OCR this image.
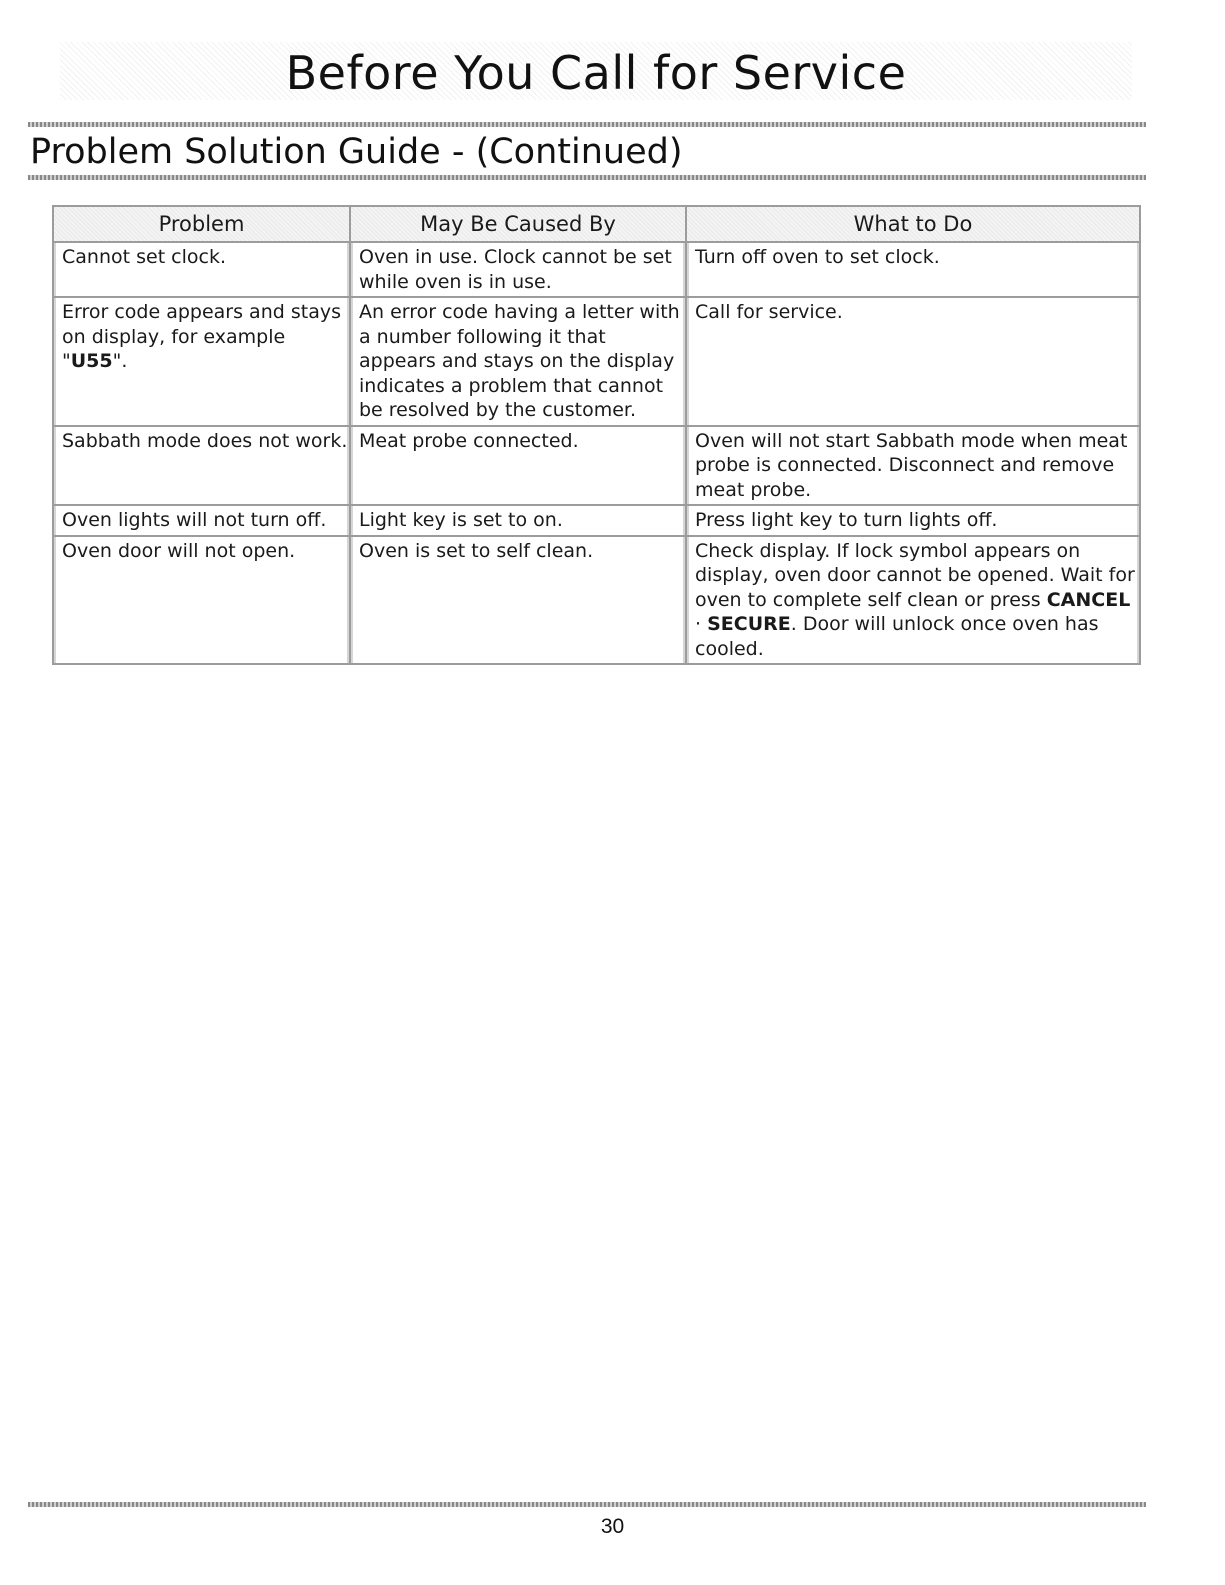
Before You Call for Service
Problem Solution Guide - (Continued)
Problem	May Be Caused By	What to Do
Cannot set clock.	Oven in use. Clock cannot be set while oven is in use.	Turn off oven to set clock.
Error code appears and stays on display, for example "U55".	An error code having a letter with a number following it that appears and stays on the display indicates a problem that cannot be resolved by the customer.	Call for service.
Sabbath mode does not work.	Meat probe connected.	Oven will not start Sabbath mode when meat probe is connected. Disconnect and remove meat probe.
Oven lights will not turn off.	Light key is set to on.	Press light key to turn lights off.
Oven door will not open.	Oven is set to self clean.	Check display. If lock symbol appears on display, oven door cannot be opened. Wait for oven to complete self clean or press CANCEL · SECURE. Door will unlock once oven has cooled.
30
